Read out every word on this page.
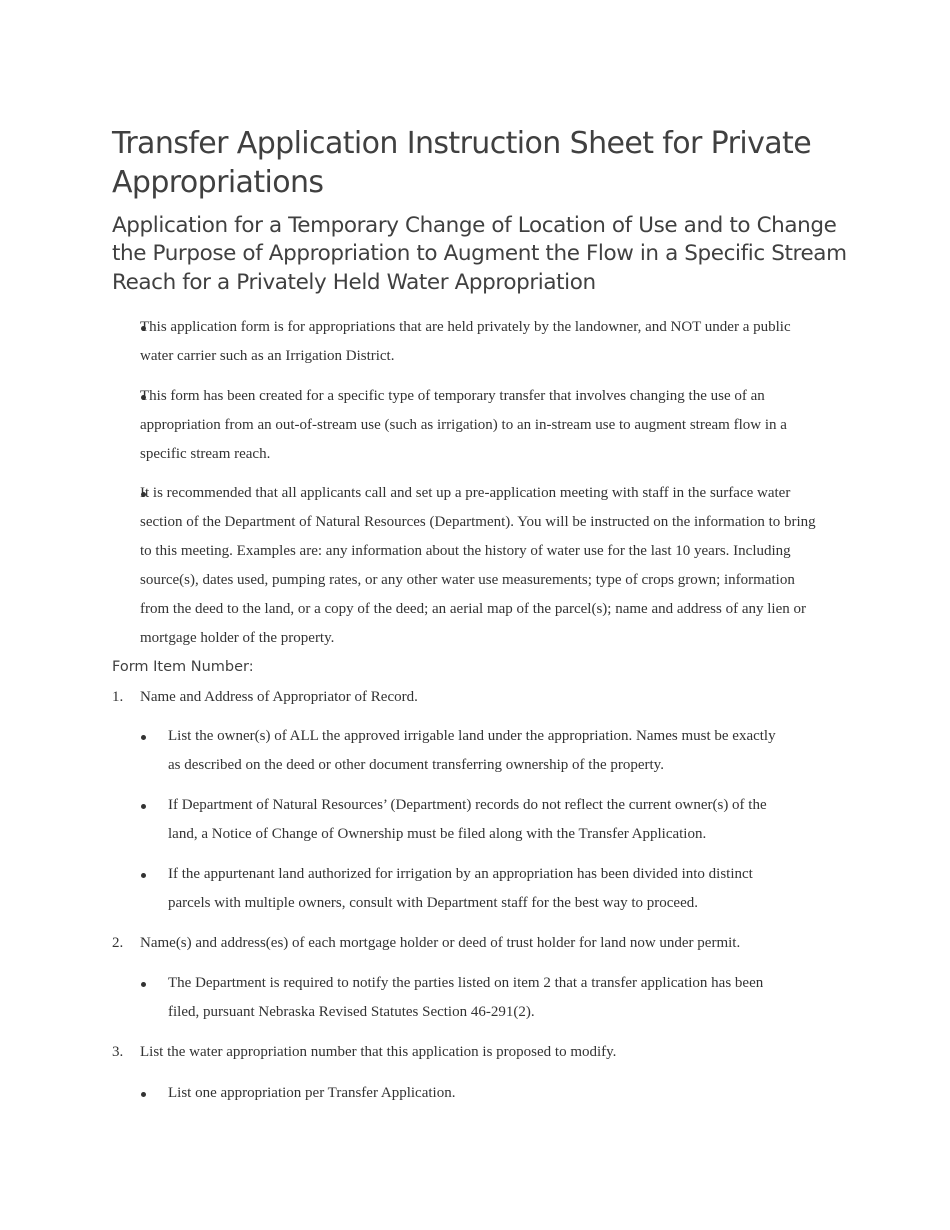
Transfer Application Instruction Sheet for Private Appropriations
Application for a Temporary Change of Location of Use and to Change the Purpose of Appropriation to Augment the Flow in a Specific Stream Reach for a Privately Held Water Appropriation

This application form is for appropriations that are held privately by the landowner, and NOT under a public water carrier such as an Irrigation District.

This form has been created for a specific type of temporary transfer that involves changing the use of an appropriation from an out-of-stream use (such as irrigation) to an in-stream use to augment stream flow in a specific stream reach.

It is recommended that all applicants call and set up a pre-application meeting with staff in the surface water section of the Department of Natural Resources (Department). You will be instructed on the information to bring to this meeting. Examples are: any information about the history of water use for the last 10 years. Including source(s), dates used, pumping rates, or any other water use measurements; type of crops grown; information from the deed to the land, or a copy of the deed; an aerial map of the parcel(s); name and address of any lien or mortgage holder of the property.

Form Item Number:
1. Name and Address of Appropriator of Record.

List the owner(s) of ALL the approved irrigable land under the appropriation. Names must be exactly as described on the deed or other document transferring ownership of the property.

If Department of Natural Resources’ (Department) records do not reflect the current owner(s) of the land, a Notice of Change of Ownership must be filed along with the Transfer Application.

If the appurtenant land authorized for irrigation by an appropriation has been divided into distinct parcels with multiple owners, consult with Department staff for the best way to proceed.

2. Name(s) and address(es) of each mortgage holder or deed of trust holder for land now under permit.

The Department is required to notify the parties listed on item 2 that a transfer application has been filed, pursuant Nebraska Revised Statutes Section 46-291(2).

3. List the water appropriation number that this application is proposed to modify.

List one appropriation per Transfer Application.
